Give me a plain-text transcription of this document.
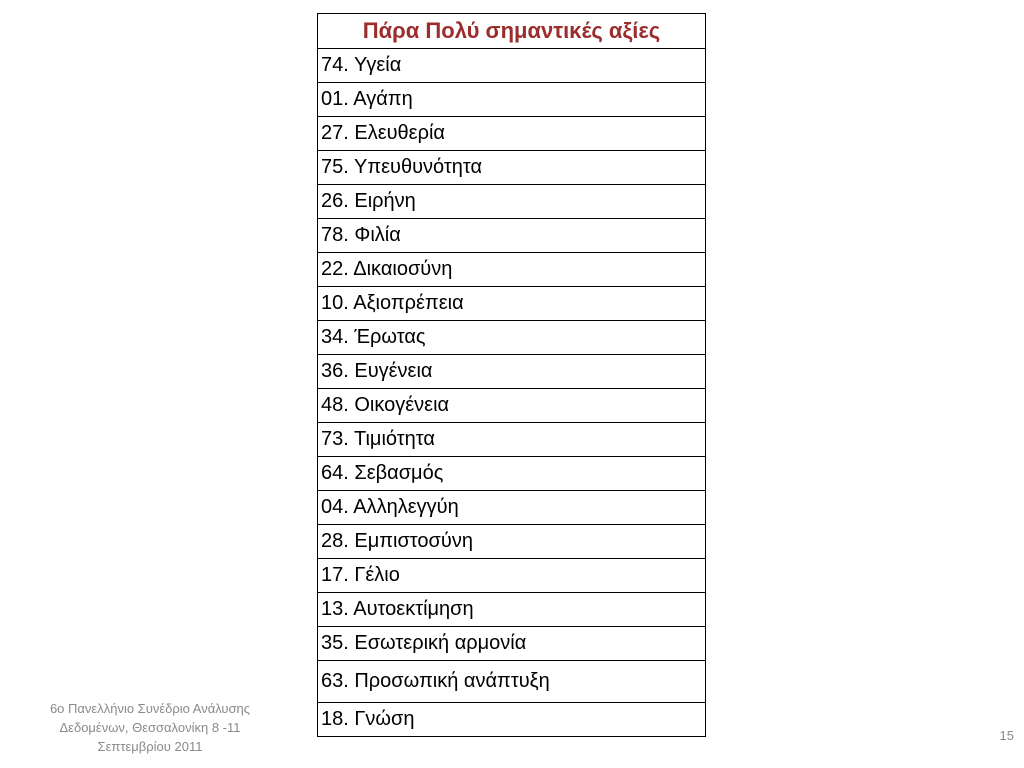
Πάρα Πολύ σημαντικές αξίες
74. Υγεία
01. Αγάπη
27. Ελευθερία
75. Υπευθυνότητα
26. Ειρήνη
78. Φιλία
22. Δικαιοσύνη
10. Αξιοπρέπεια
34. Έρωτας
36. Ευγένεια
48. Οικογένεια
73. Τιμιότητα
64. Σεβασμός
04. Αλληλεγγύη
28. Εμπιστοσύνη
17. Γέλιο
13. Αυτοεκτίμηση
35. Εσωτερική αρμονία
63. Προσωπική ανάπτυξη
18. Γνώση
6ο Πανελλήνιο Συνέδριο Ανάλυσης
Δεδομένων, Θεσσαλονίκη 8 -11
Σεπτεμβρίου 2011
15
